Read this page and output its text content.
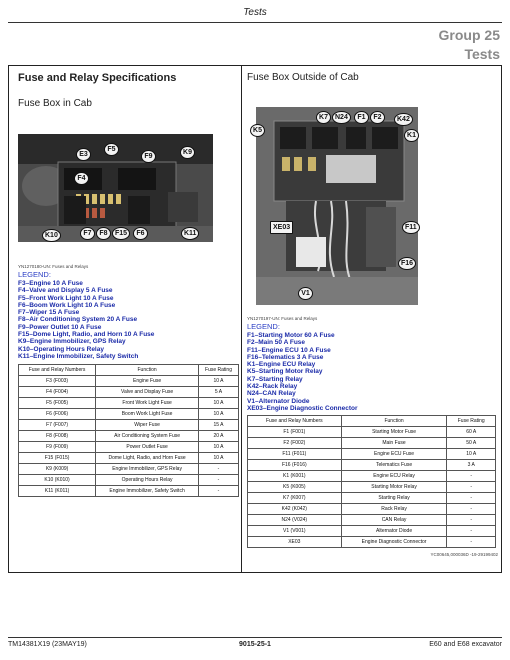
Tests
Group 25
Tests
Fuse and Relay Specifications
Fuse Box in Cab
E3
F5
F9
K9
F4
K10	F7	F8	F15	F6	K11
YN1270180-UN: Fuses and Relays
LEGEND:
F3–Engine 10 A Fuse
F4–Valve and Display 5 A Fuse
F5–Front Work Light 10 A Fuse
F6–Boom Work Light 10 A Fuse
F7–Wiper 15 A Fuse
F8–Air Conditioning System 20 A Fuse
F9–Power Outlet 10 A Fuse
F15–Dome Light, Radio, and Horn 10 A Fuse
K9–Engine Immobilizer, GPS Relay
K10–Operating Hours Relay
K11–Engine Immobilizer, Safety Switch
Fuse and Relay Numbers	Function	Fuse Rating
F3 (F003)	Engine Fuse	10 A
F4 (F004)	Valve and Display Fuse	5 A
F5 (F005)	Front Work Light Fuse	10 A
F6 (F006)	Boom Work Light Fuse	10 A
F7 (F007)	Wiper Fuse	15 A
F8 (F008)	Air Conditioning System Fuse	20 A
F9 (F009)	Power Outlet Fuse	10 A
F15 (F015)	Dome Light, Radio, and Horn Fuse	10 A
K9 (K009)	Engine Immobilizer, GPS Relay	-
K10 (K010)	Operating Hours Relay	-
K11 (K011)	Engine Immobilizer, Safety Switch	-
Fuse Box Outside of Cab
K7	N24	F1	F2
K5
K42
K1
XE03	F11
F16
V1
YN1270197-UN: Fuses and Relays
LEGEND:
F1–Starting Motor 60 A Fuse
F2–Main 50 A Fuse
F11–Engine ECU 10 A Fuse
F16–Telematics 3 A Fuse
K1–Engine ECU Relay
K5–Starting Motor Relay
K7–Starting Relay
K42–Rack Relay
N24–CAN Relay
V1–Alternator Diode
XE03–Engine Diagnostic Connector
Fuse and Relay Numbers	Function	Fuse Rating
F1 (F001)	Starting Motor Fuse	60 A
F2 (F002)	Main Fuse	50 A
F11 (F011)	Engine ECU Fuse	10 A
F16 (F016)	Telematics Fuse	3 A
K1 (K001)	Engine ECU Relay	-
K5 (K005)	Starting Motor Relay	-
K7 (K007)	Starting Relay	-
K42 (K042)	Rack Relay	-
N24 (V024)	CAN Relay	-
V1 (V001)	Alternator Diode	-
XE03	Engine Diagnostic Connector	-
YC00645,000036D -19-29199402
TM14381X19 (23MAY19)	9015-25-1	E60 and E68 excavator
